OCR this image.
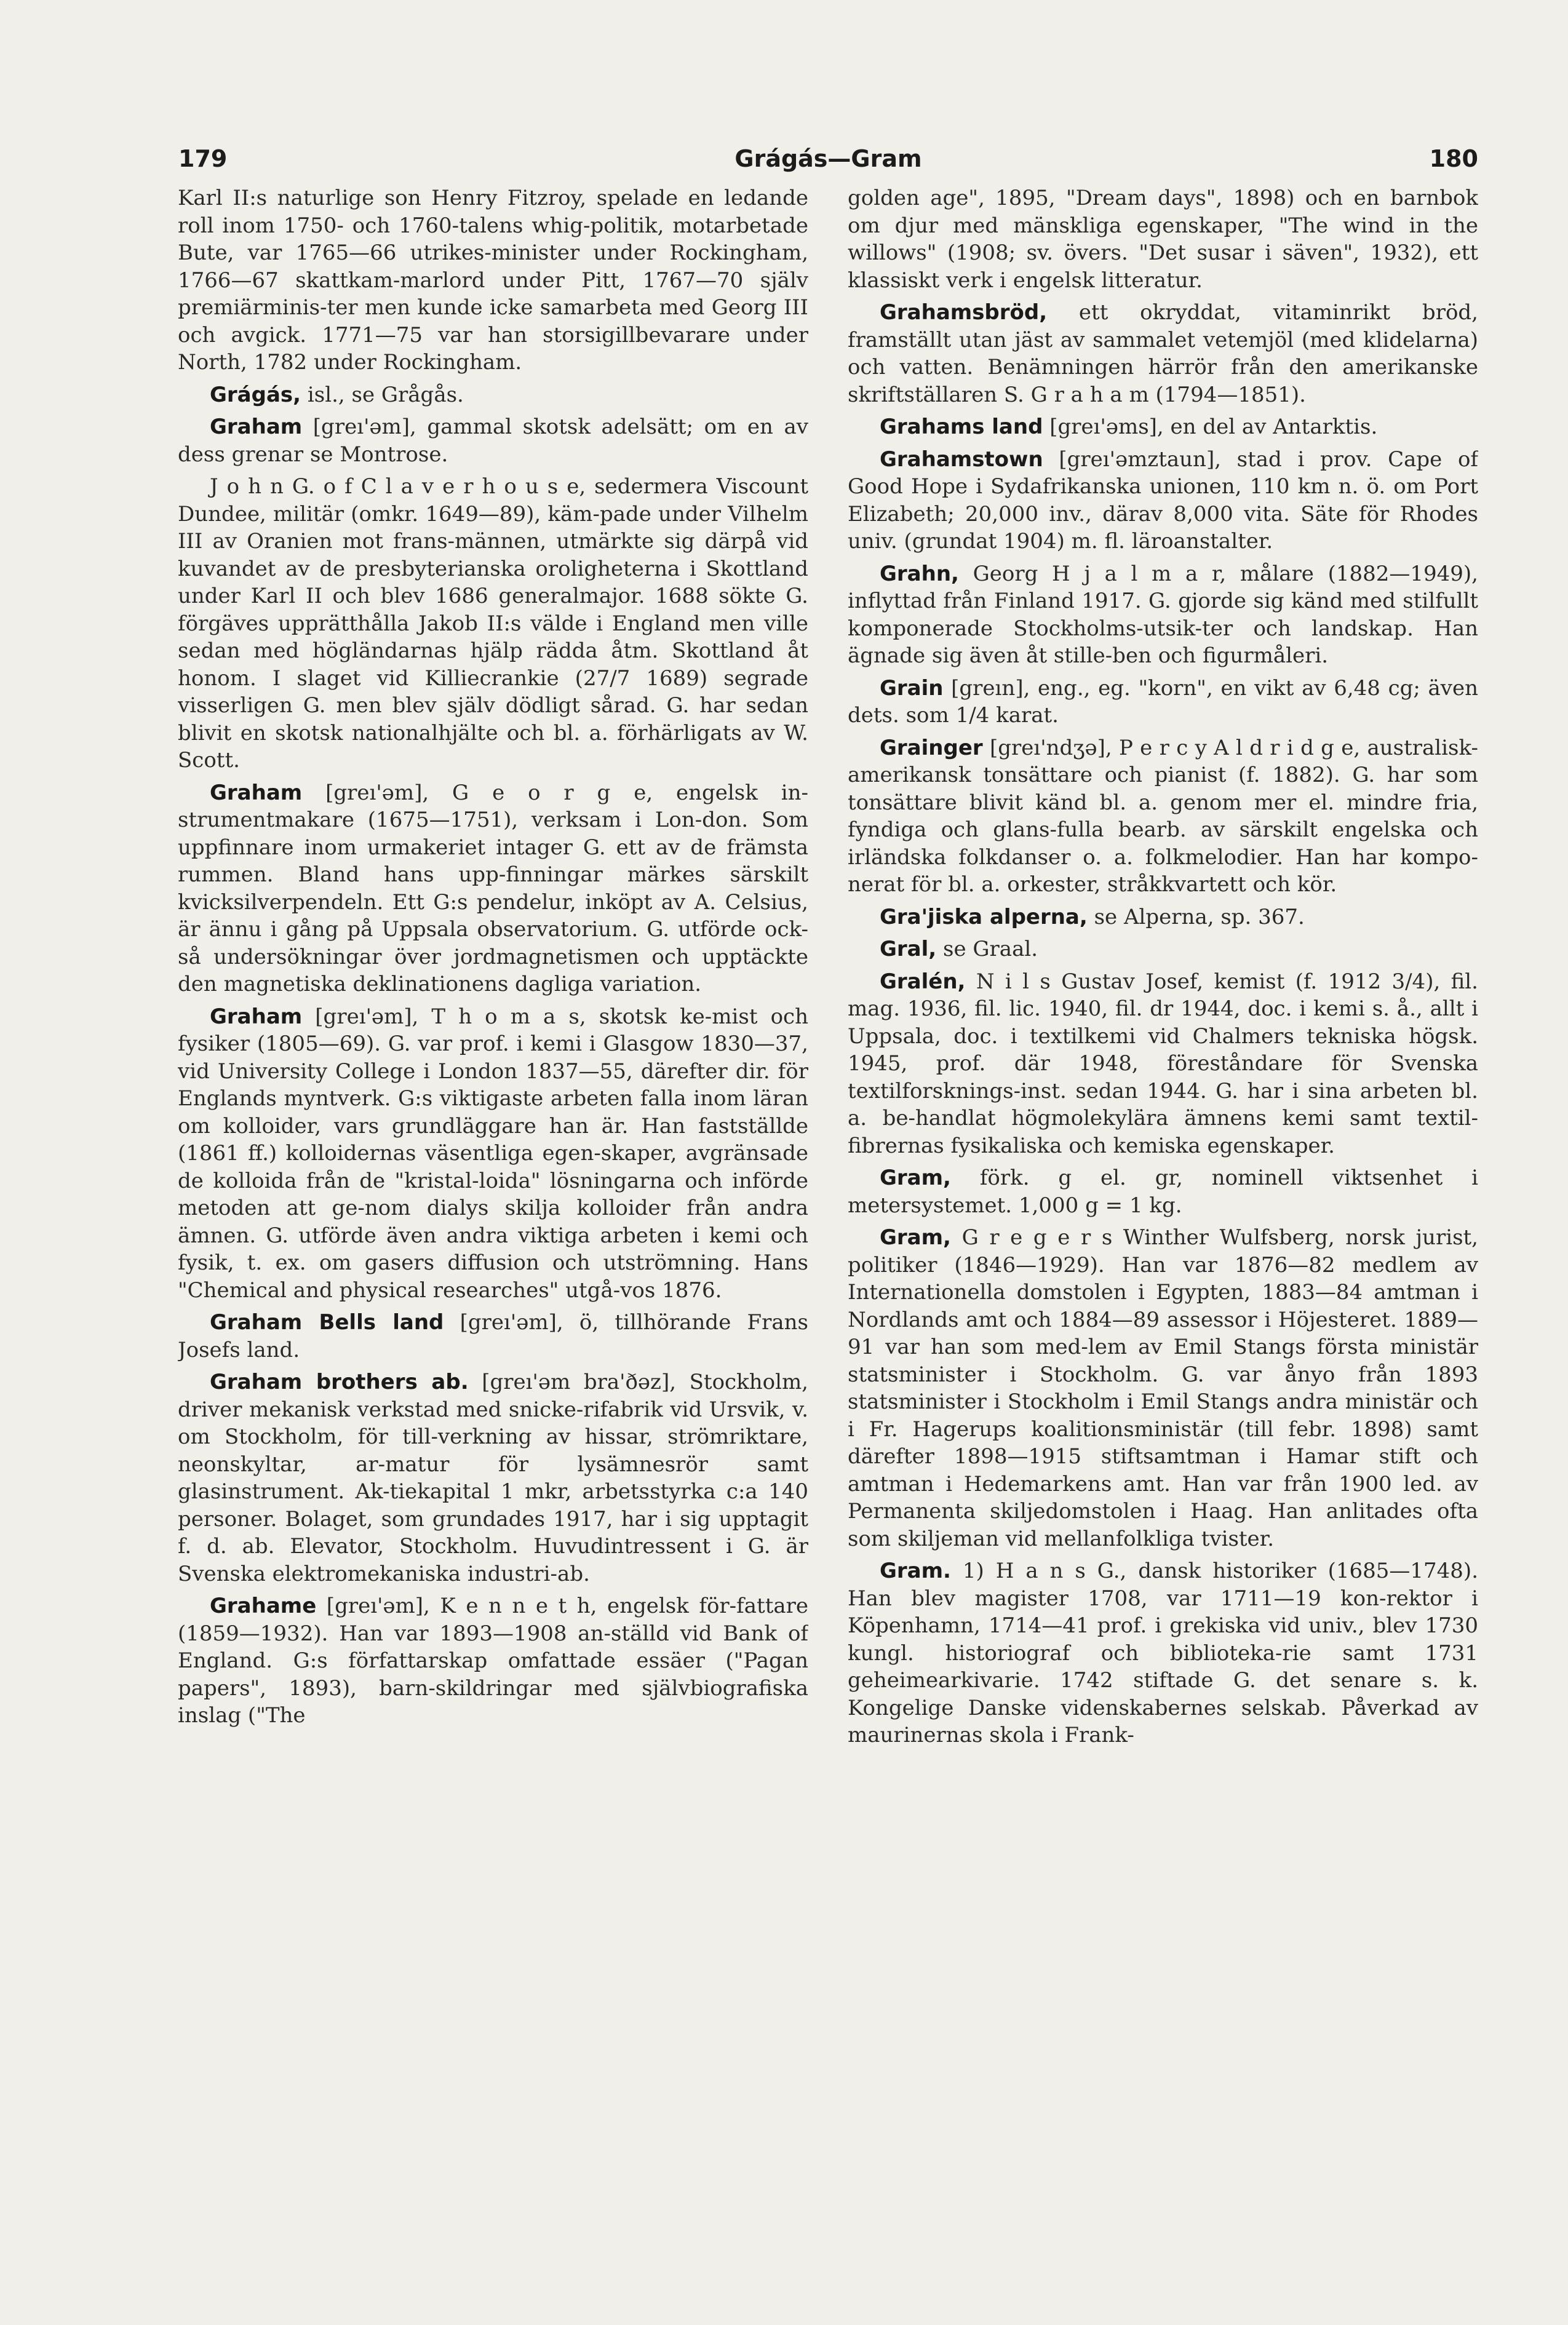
179	Grágás—Gram	180

Karl II:s naturlige son Henry Fitzroy, spelade en ledande roll inom 1750- och 1760-talens whig-politik, motarbetade Bute, var 1765—66 utrikes-minister under Rockingham, 1766—67 skattkam-marlord under Pitt, 1767—70 själv premiärminis-ter men kunde icke samarbeta med Georg III och avgick. 1771—75 var han storsigillbevarare under North, 1782 under Rockingham.

Grágás, isl., se Grågås.

Graham [greı'əm], gammal skotsk adelsätt; om en av dess grenar se Montrose.

J o h n G. o f C l a v e r h o u s e, sedermera Viscount Dundee, militär (omkr. 1649—89), käm-pade under Vilhelm III av Oranien mot frans-männen, utmärkte sig därpå vid kuvandet av de presbyterianska oroligheterna i Skottland under Karl II och blev 1686 generalmajor. 1688 sökte G. förgäves upprätthålla Jakob II:s välde i England men ville sedan med högländarnas hjälp rädda åtm. Skottland åt honom. I slaget vid Killiecrankie (27/7 1689) segrade visserligen G. men blev själv dödligt sårad. G. har sedan blivit en skotsk nationalhjälte och bl. a. förhärligats av W. Scott.

Graham [greı'əm], G e o r g e, engelsk in-strumentmakare (1675—1751), verksam i Lon-don. Som uppfinnare inom urmakeriet intager G. ett av de främsta rummen. Bland hans upp-finningar märkes särskilt kvicksilverpendeln. Ett G:s pendelur, inköpt av A. Celsius, är ännu i gång på Uppsala observatorium. G. utförde ock-så undersökningar över jordmagnetismen och upptäckte den magnetiska deklinationens dagliga variation.

Graham [greı'əm], T h o m a s, skotsk ke-mist och fysiker (1805—69). G. var prof. i kemi i Glasgow 1830—37, vid University College i London 1837—55, därefter dir. för Englands myntverk. G:s viktigaste arbeten falla inom läran om kolloider, vars grundläggare han är. Han fastställde (1861 ff.) kolloidernas väsentliga egen-skaper, avgränsade de kolloida från de "kristal-loida" lösningarna och införde metoden att ge-nom dialys skilja kolloider från andra ämnen. G. utförde även andra viktiga arbeten i kemi och fysik, t. ex. om gasers diffusion och utströmning. Hans "Chemical and physical researches" utgå-vos 1876.

Graham Bells land [greı'əm], ö, tillhörande Frans Josefs land.

Graham brothers ab. [greı'əm bra'ðəz], Stockholm, driver mekanisk verkstad med snicke-rifabrik vid Ursvik, v. om Stockholm, för till-verkning av hissar, strömriktare, neonskyltar, ar-matur för lysämnesrör samt glasinstrument. Ak-tiekapital 1 mkr, arbetsstyrka c:a 140 personer. Bolaget, som grundades 1917, har i sig upptagit f. d. ab. Elevator, Stockholm. Huvudintressent i G. är Svenska elektromekaniska industri-ab.

Grahame [greı'əm], K e n n e t h, engelsk för-fattare (1859—1932). Han var 1893—1908 an-ställd vid Bank of England. G:s författarskap omfattade essäer ("Pagan papers", 1893), barn-skildringar med självbiografiska inslag ("The

golden age", 1895, "Dream days", 1898) och en barnbok om djur med mänskliga egenskaper, "The wind in the willows" (1908; sv. övers. "Det susar i säven", 1932), ett klassiskt verk i engelsk litteratur.

Grahamsbröd, ett okryddat, vitaminrikt bröd, framställt utan jäst av sammalet vetemjöl (med klidelarna) och vatten. Benämningen härrör från den amerikanske skriftställaren S. G r a h a m (1794—1851).

Grahams land [greı'əms], en del av Antarktis.

Grahamstown [greı'əmztaun], stad i prov. Cape of Good Hope i Sydafrikanska unionen, 110 km n. ö. om Port Elizabeth; 20,000 inv., därav 8,000 vita. Säte för Rhodes univ. (grundat 1904) m. fl. läroanstalter.

Grahn, Georg H j a l m a r, målare (1882—1949), inflyttad från Finland 1917. G. gjorde sig känd med stilfullt komponerade Stockholms-utsik-ter och landskap. Han ägnade sig även åt stille-ben och figurmåleri.

Grain [greın], eng., eg. "korn", en vikt av 6,48 cg; även dets. som 1/4 karat.

Grainger [greı'ndʒə], P e r c y A l d r i d g e, australisk-amerikansk tonsättare och pianist (f. 1882). G. har som tonsättare blivit känd bl. a. genom mer el. mindre fria, fyndiga och glans-fulla bearb. av särskilt engelska och irländska folkdanser o. a. folkmelodier. Han har kompo-nerat för bl. a. orkester, stråkkvartett och kör.

Gra'jiska alperna, se Alperna, sp. 367.

Gral, se Graal.

Gralén, N i l s Gustav Josef, kemist (f. 1912 3/4), fil. mag. 1936, fil. lic. 1940, fil. dr 1944, doc. i kemi s. å., allt i Uppsala, doc. i textilkemi vid Chalmers tekniska högsk. 1945, prof. där 1948, föreståndare för Svenska textilforsknings-inst. sedan 1944. G. har i sina arbeten bl. a. be-handlat högmolekylära ämnens kemi samt textil-fibrernas fysikaliska och kemiska egenskaper.

Gram, förk. g el. gr, nominell viktsenhet i metersystemet. 1,000 g = 1 kg.

Gram, G r e g e r s Winther Wulfsberg, norsk jurist, politiker (1846—1929). Han var 1876—82 medlem av Internationella domstolen i Egypten, 1883—84 amtman i Nordlands amt och 1884—89 assessor i Höjesteret. 1889—91 var han som med-lem av Emil Stangs första ministär statsminister i Stockholm. G. var ånyo från 1893 statsminister i Stockholm i Emil Stangs andra ministär och i Fr. Hagerups koalitionsministär (till febr. 1898) samt därefter 1898—1915 stiftsamtman i Hamar stift och amtman i Hedemarkens amt. Han var från 1900 led. av Permanenta skiljedomstolen i Haag. Han anlitades ofta som skiljeman vid mellanfolkliga tvister.

Gram. 1) H a n s G., dansk historiker (1685—1748). Han blev magister 1708, var 1711—19 kon-rektor i Köpenhamn, 1714—41 prof. i grekiska vid univ., blev 1730 kungl. historiograf och biblioteka-rie samt 1731 geheimearkivarie. 1742 stiftade G. det senare s. k. Kongelige Danske videnskabernes selskab. Påverkad av maurinernas skola i Frank-
